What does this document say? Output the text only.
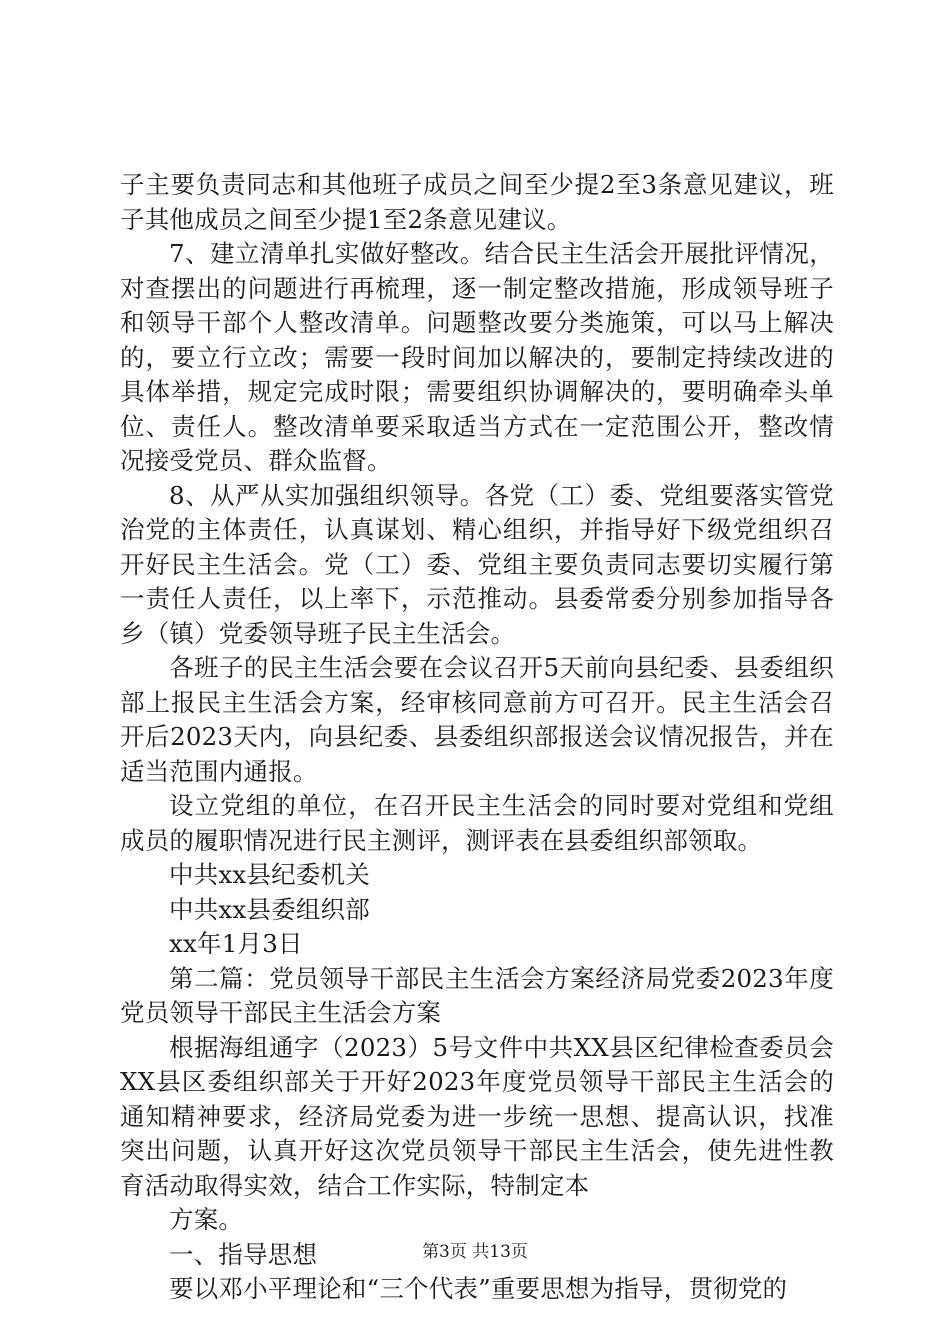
子主要负责同志和其他班子成员之间至少提2至3条意见建议，班子其他成员之间至少提1至2条意见建议。

7、建立清单扎实做好整改。结合民主生活会开展批评情况，对查摆出的问题进行再梳理，逐一制定整改措施，形成领导班子和领导干部个人整改清单。问题整改要分类施策，可以马上解决的，要立行立改；需要一段时间加以解决的，要制定持续改进的具体举措，规定完成时限；需要组织协调解决的，要明确牵头单位、责任人。整改清单要采取适当方式在一定范围公开，整改情况接受党员、群众监督。

8、从严从实加强组织领导。各党（工）委、党组要落实管党治党的主体责任，认真谋划、精心组织，并指导好下级党组织召开好民主生活会。党（工）委、党组主要负责同志要切实履行第一责任人责任，以上率下，示范推动。县委常委分别参加指导各乡（镇）党委领导班子民主生活会。

各班子的民主生活会要在会议召开5天前向县纪委、县委组织部上报民主生活会方案，经审核同意前方可召开。民主生活会召开后2023天内，向县纪委、县委组织部报送会议情况报告，并在适当范围内通报。

设立党组的单位，在召开民主生活会的同时要对党组和党组成员的履职情况进行民主测评，测评表在县委组织部领取。

中共xx县纪委机关

中共xx县委组织部

xx年1月3日

第二篇：党员领导干部民主生活会方案经济局党委2023年度党员领导干部民主生活会方案

根据海组通字（2023）5号文件中共XX县区纪律检查委员会XX县区委组织部关于开好2023年度党员领导干部民主生活会的通知精神要求，经济局党委为进一步统一思想、提高认识，找准突出问题，认真开好这次党员领导干部民主生活会，使先进性教育活动取得实效，结合工作实际，特制定本

方案。

一、指导思想

要以邓小平理论和“三个代表”重要思想为指导，贯彻党的

第3页 共13页
